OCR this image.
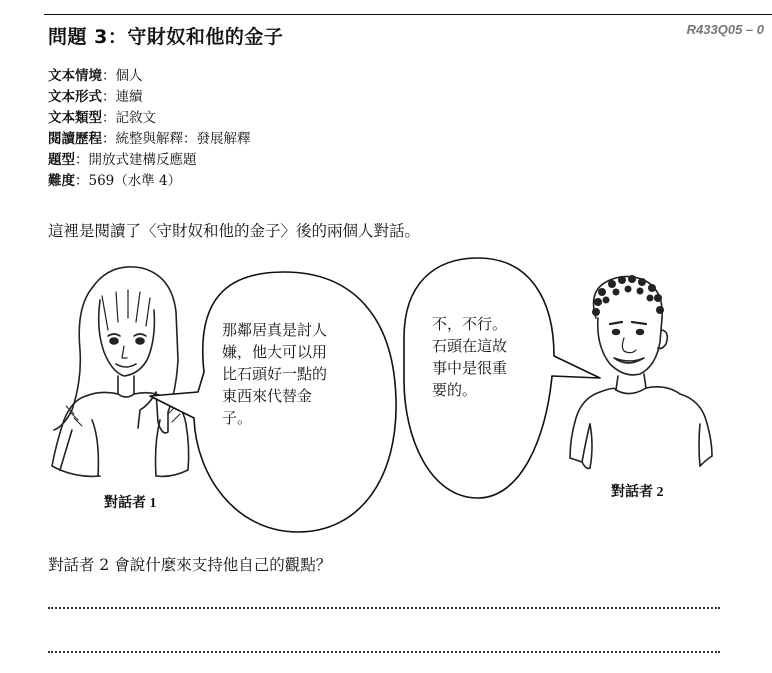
問題 3：守財奴和他的金子	R433Q05 – 0
文本情境：個人
文本形式：連續
文本類型：記敘文
閱讀歷程：統整與解釋：發展解釋
題型：開放式建構反應題
難度：569（水準 4）
這裡是閱讀了〈守財奴和他的金子〉後的兩個人對話。
那鄰居真是討人
嫌，他大可以用
比石頭好一點的
東西來代替金
子。
不，不行。
石頭在這故
事中是很重
要的。
對話者 1
對話者 2
對話者 2 會說什麼來支持他自己的觀點？
